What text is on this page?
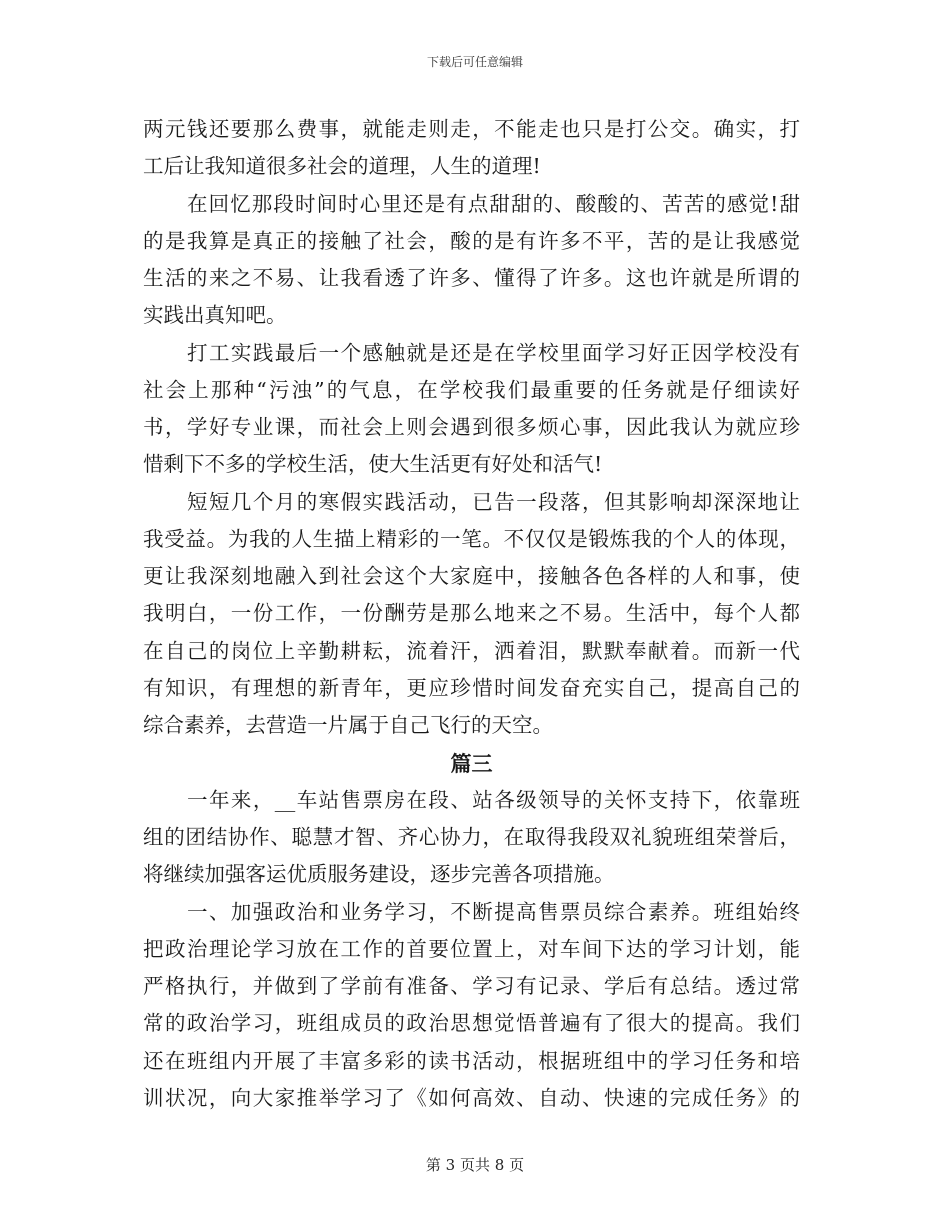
下载后可任意编辑
两元钱还要那么费事，就能走则走，不能走也只是打公交。确实，打
工后让我知道很多社会的道理，人生的道理!
在回忆那段时间时心里还是有点甜甜的、酸酸的、苦苦的感觉!甜
的是我算是真正的接触了社会，酸的是有许多不平，苦的是让我感觉
生活的来之不易、让我看透了许多、懂得了许多。这也许就是所谓的
实践出真知吧。
打工实践最后一个感触就是还是在学校里面学习好正因学校没有
社会上那种“污浊”的气息，在学校我们最重要的任务就是仔细读好
书，学好专业课，而社会上则会遇到很多烦心事，因此我认为就应珍
惜剩下不多的学校生活，使大生活更有好处和活气!
短短几个月的寒假实践活动，已告一段落，但其影响却深深地让
我受益。为我的人生描上精彩的一笔。不仅仅是锻炼我的个人的体现，
更让我深刻地融入到社会这个大家庭中，接触各色各样的人和事，使
我明白，一份工作，一份酬劳是那么地来之不易。生活中，每个人都
在自己的岗位上辛勤耕耘，流着汗，洒着泪，默默奉献着。而新一代
有知识，有理想的新青年，更应珍惜时间发奋充实自己，提高自己的
综合素养，去营造一片属于自己飞行的天空。
篇三
一年来，__车站售票房在段、站各级领导的关怀支持下，依靠班
组的团结协作、聪慧才智、齐心协力，在取得我段双礼貌班组荣誉后，
将继续加强客运优质服务建设，逐步完善各项措施。
一、加强政治和业务学习，不断提高售票员综合素养。班组始终
把政治理论学习放在工作的首要位置上，对车间下达的学习计划，能
严格执行，并做到了学前有准备、学习有记录、学后有总结。透过常
常的政治学习，班组成员的政治思想觉悟普遍有了很大的提高。我们
还在班组内开展了丰富多彩的读书活动，根据班组中的学习任务和培
训状况，向大家推举学习了《如何高效、自动、快速的完成任务》的
第 3 页共 8 页
